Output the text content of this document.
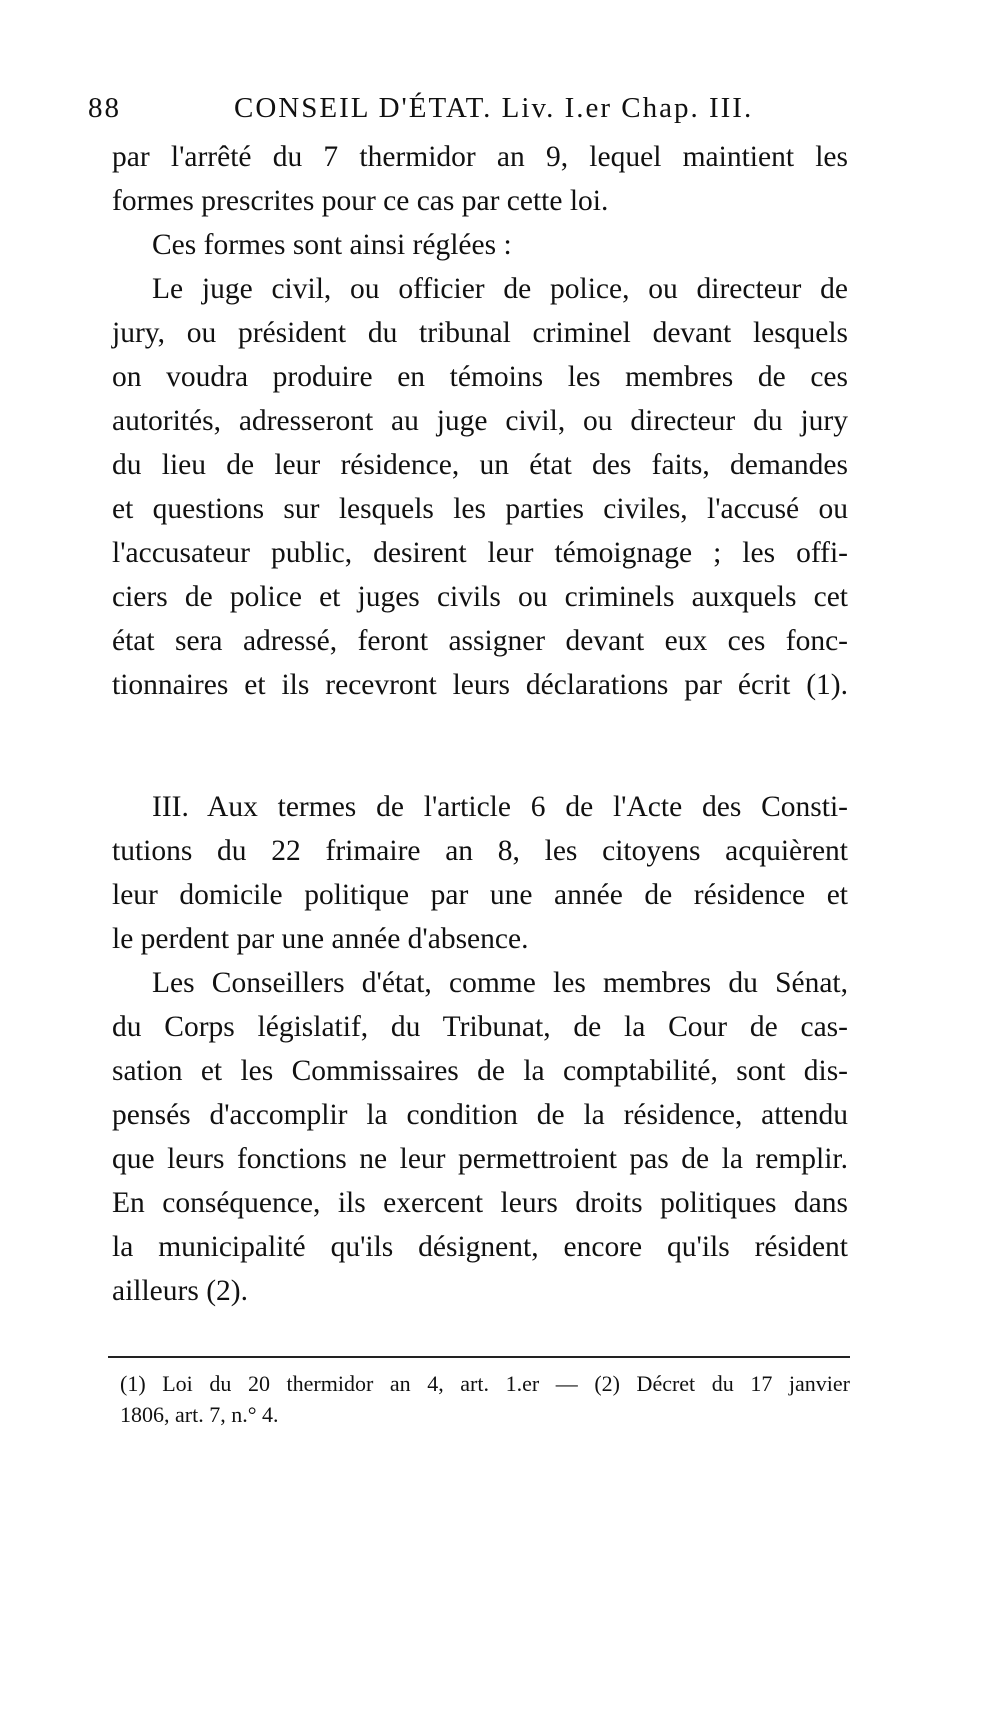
88	CONSEIL D'ÉTAT. Liv. I.er Chap. III.
par l'arrêté du 7 thermidor an 9, lequel maintient les
formes prescrites pour ce cas par cette loi.
Ces formes sont ainsi réglées :
Le juge civil, ou officier de police, ou directeur de
jury, ou président du tribunal criminel devant lesquels
on voudra produire en témoins les membres de ces
autorités, adresseront au juge civil, ou directeur du jury
du lieu de leur résidence, un état des faits, demandes
et questions sur lesquels les parties civiles, l'accusé ou
l'accusateur public, desirent leur témoignage ; les offi-
ciers de police et juges civils ou criminels auxquels cet
état sera adressé, feront assigner devant eux ces fonc-
tionnaires et ils recevront leurs déclarations par écrit (1).
III. Aux termes de l'article 6 de l'Acte des Consti-
tutions du 22 frimaire an 8, les citoyens acquièrent
leur domicile politique par une année de résidence et
le perdent par une année d'absence.
Les Conseillers d'état, comme les membres du Sénat,
du Corps législatif, du Tribunat, de la Cour de cas-
sation et les Commissaires de la comptabilité, sont dis-
pensés d'accomplir la condition de la résidence, attendu
que leurs fonctions ne leur permettroient pas de la remplir.
En conséquence, ils exercent leurs droits politiques dans
la municipalité qu'ils désignent, encore qu'ils résident
ailleurs (2).
(1) Loi du 20 thermidor an 4, art. 1.er — (2) Décret du 17 janvier
1806, art. 7, n.° 4.
